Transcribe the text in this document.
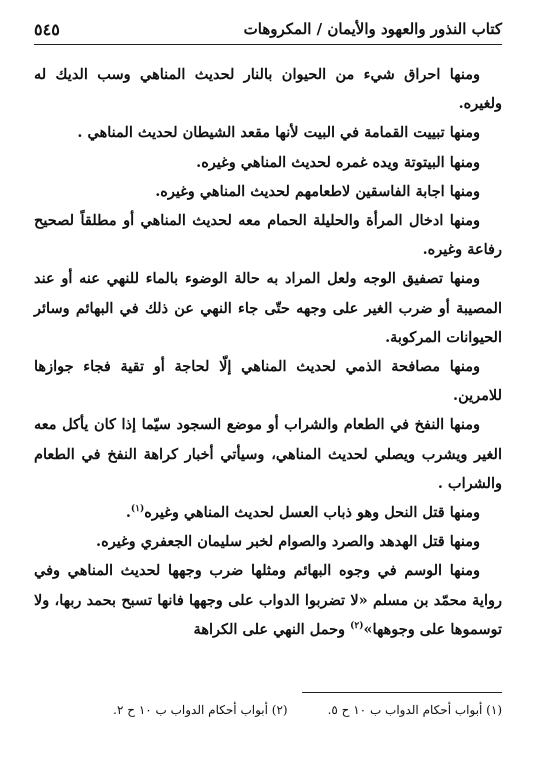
كتاب النذور والعهود والأيمان / المكروهات
٥٤٥

ومنها احراق شيء من الحيوان بالنار لحديث المناهي وسب الديك له ولغيره.

ومنها تبييت القمامة في البيت لأنها مقعد الشيطان لحديث المناهي .

ومنها البيتوتة ويده غمره لحديث المناهي وغيره.

ومنها اجابة الفاسقين لاطعامهم لحديث المناهي وغيره.

ومنها ادخال المرأة والحليلة الحمام معه لحديث المناهي أو مطلقاً لصحيح رفاعة وغيره.

ومنها تصفيق الوجه ولعل المراد به حالة الوضوء بالماء للنهي عنه أو عند المصيبة أو ضرب الغير على وجهه حتّى جاء النهي عن ذلك في البهائم وسائر الحيوانات المركوبة.

ومنها مصافحة الذمي لحديث المناهي إلّا لحاجة أو تقية فجاء جوازها للامرين.

ومنها النفخ في الطعام والشراب أو موضع السجود سيّما إذا كان يأكل معه الغير ويشرب ويصلي لحديث المناهي، وسيأتي أخبار كراهة النفخ في الطعام والشراب .

ومنها قتل النحل وهو ذباب العسل لحديث المناهي وغيره$^{(١)}$.

ومنها قتل الهدهد والصرد والصوام لخبر سليمان الجعفري وغيره.

ومنها الوسم في وجوه البهائم ومثلها ضرب وجهها لحديث المناهي وفي رواية محمّد بن مسلم «لا تضربوا الدواب على وجهها فانها تسبح بحمد ربها، ولا توسموها على وجوهها»$^{(٢)}$ وحمل النهي على الكراهة

(١) أبواب أحكام الدواب ب ١٠ ح ٥.
(٢) أبواب أحكام الدواب ب ١٠ ح ٢.
